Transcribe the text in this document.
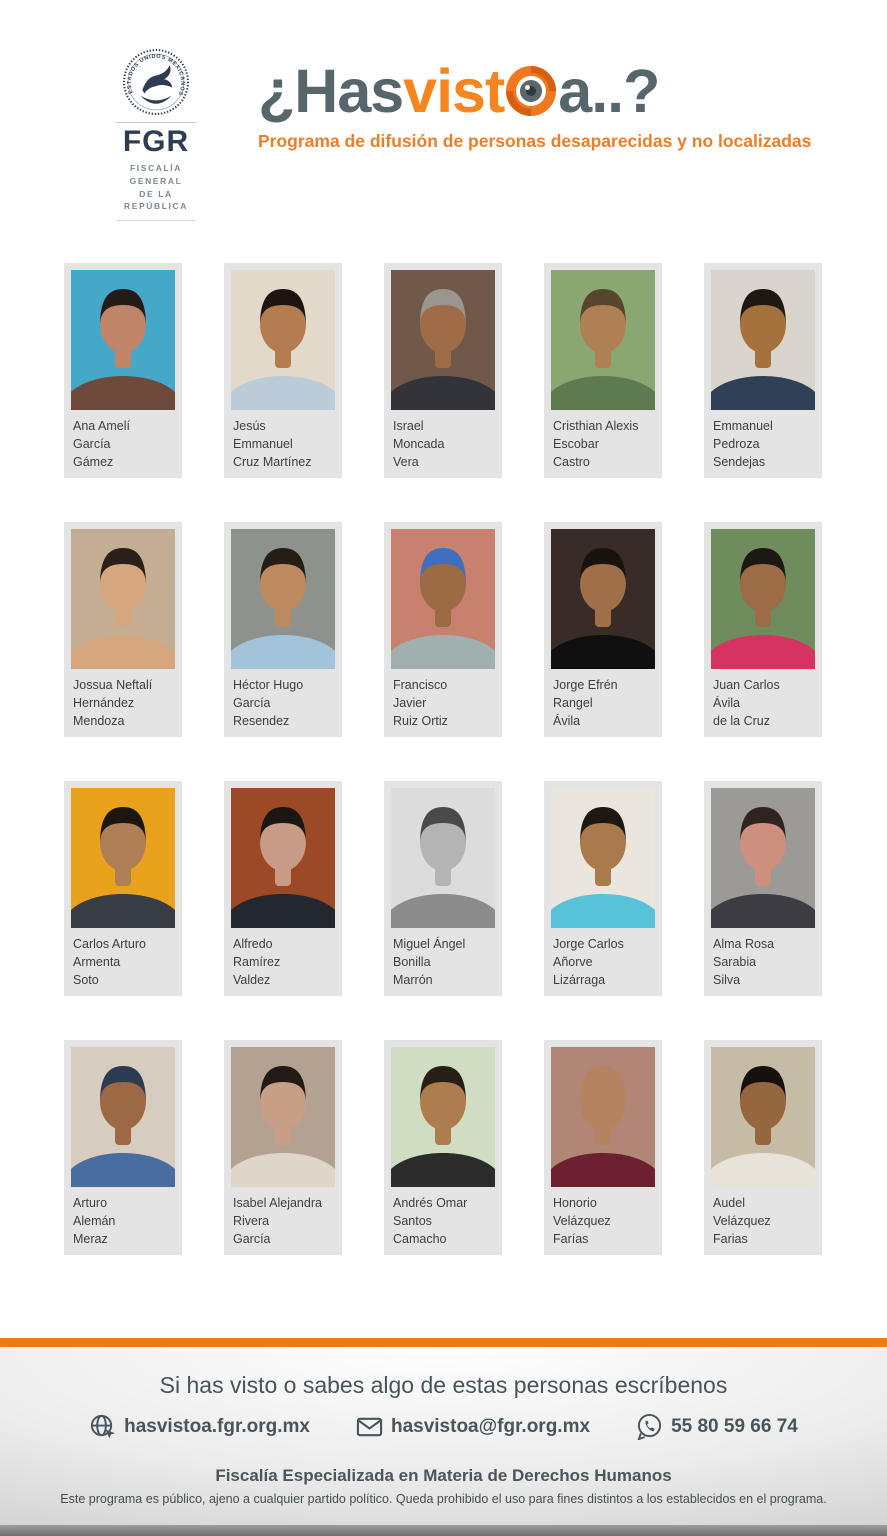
ESTADOS UNIDOS MEXICANOS
FGR
FISCALÍA GENERAL
DE LA REPÚBLICA
¿Hasvist a..?
Programa de difusión de personas desaparecidas y no localizadas
Ana Amelí
García
Gámez
Jesús
Emmanuel
Cruz Martínez
Israel
Moncada
Vera
Cristhian Alexis
Escobar
Castro
Emmanuel
Pedroza
Sendejas
Jossua Neftalí
Hernández
Mendoza
Héctor Hugo
García
Resendez
Francisco
Javier
Ruiz Ortiz
Jorge Efrén
Rangel
Ávila
Juan Carlos
Ávila
de la Cruz
Carlos Arturo
Armenta
Soto
Alfredo
Ramírez
Valdez
Miguel Ángel
Bonilla
Marrón
Jorge Carlos
Añorve
Lizárraga
Alma Rosa
Sarabia
Silva
Arturo
Alemán
Meraz
Isabel Alejandra
Rivera
García
Andrés Omar
Santos
Camacho
Honorio
Velázquez
Farías
Audel
Velázquez
Farias
Si has visto o sabes algo de estas personas escríbenos
hasvistoa.fgr.org.mx	hasvistoa@fgr.org.mx	55 80 59 66 74
Fiscalía Especializada en Materia de Derechos Humanos
Este programa es público, ajeno a cualquier partido político. Queda prohibido el uso para fines distintos a los establecidos en el programa.
